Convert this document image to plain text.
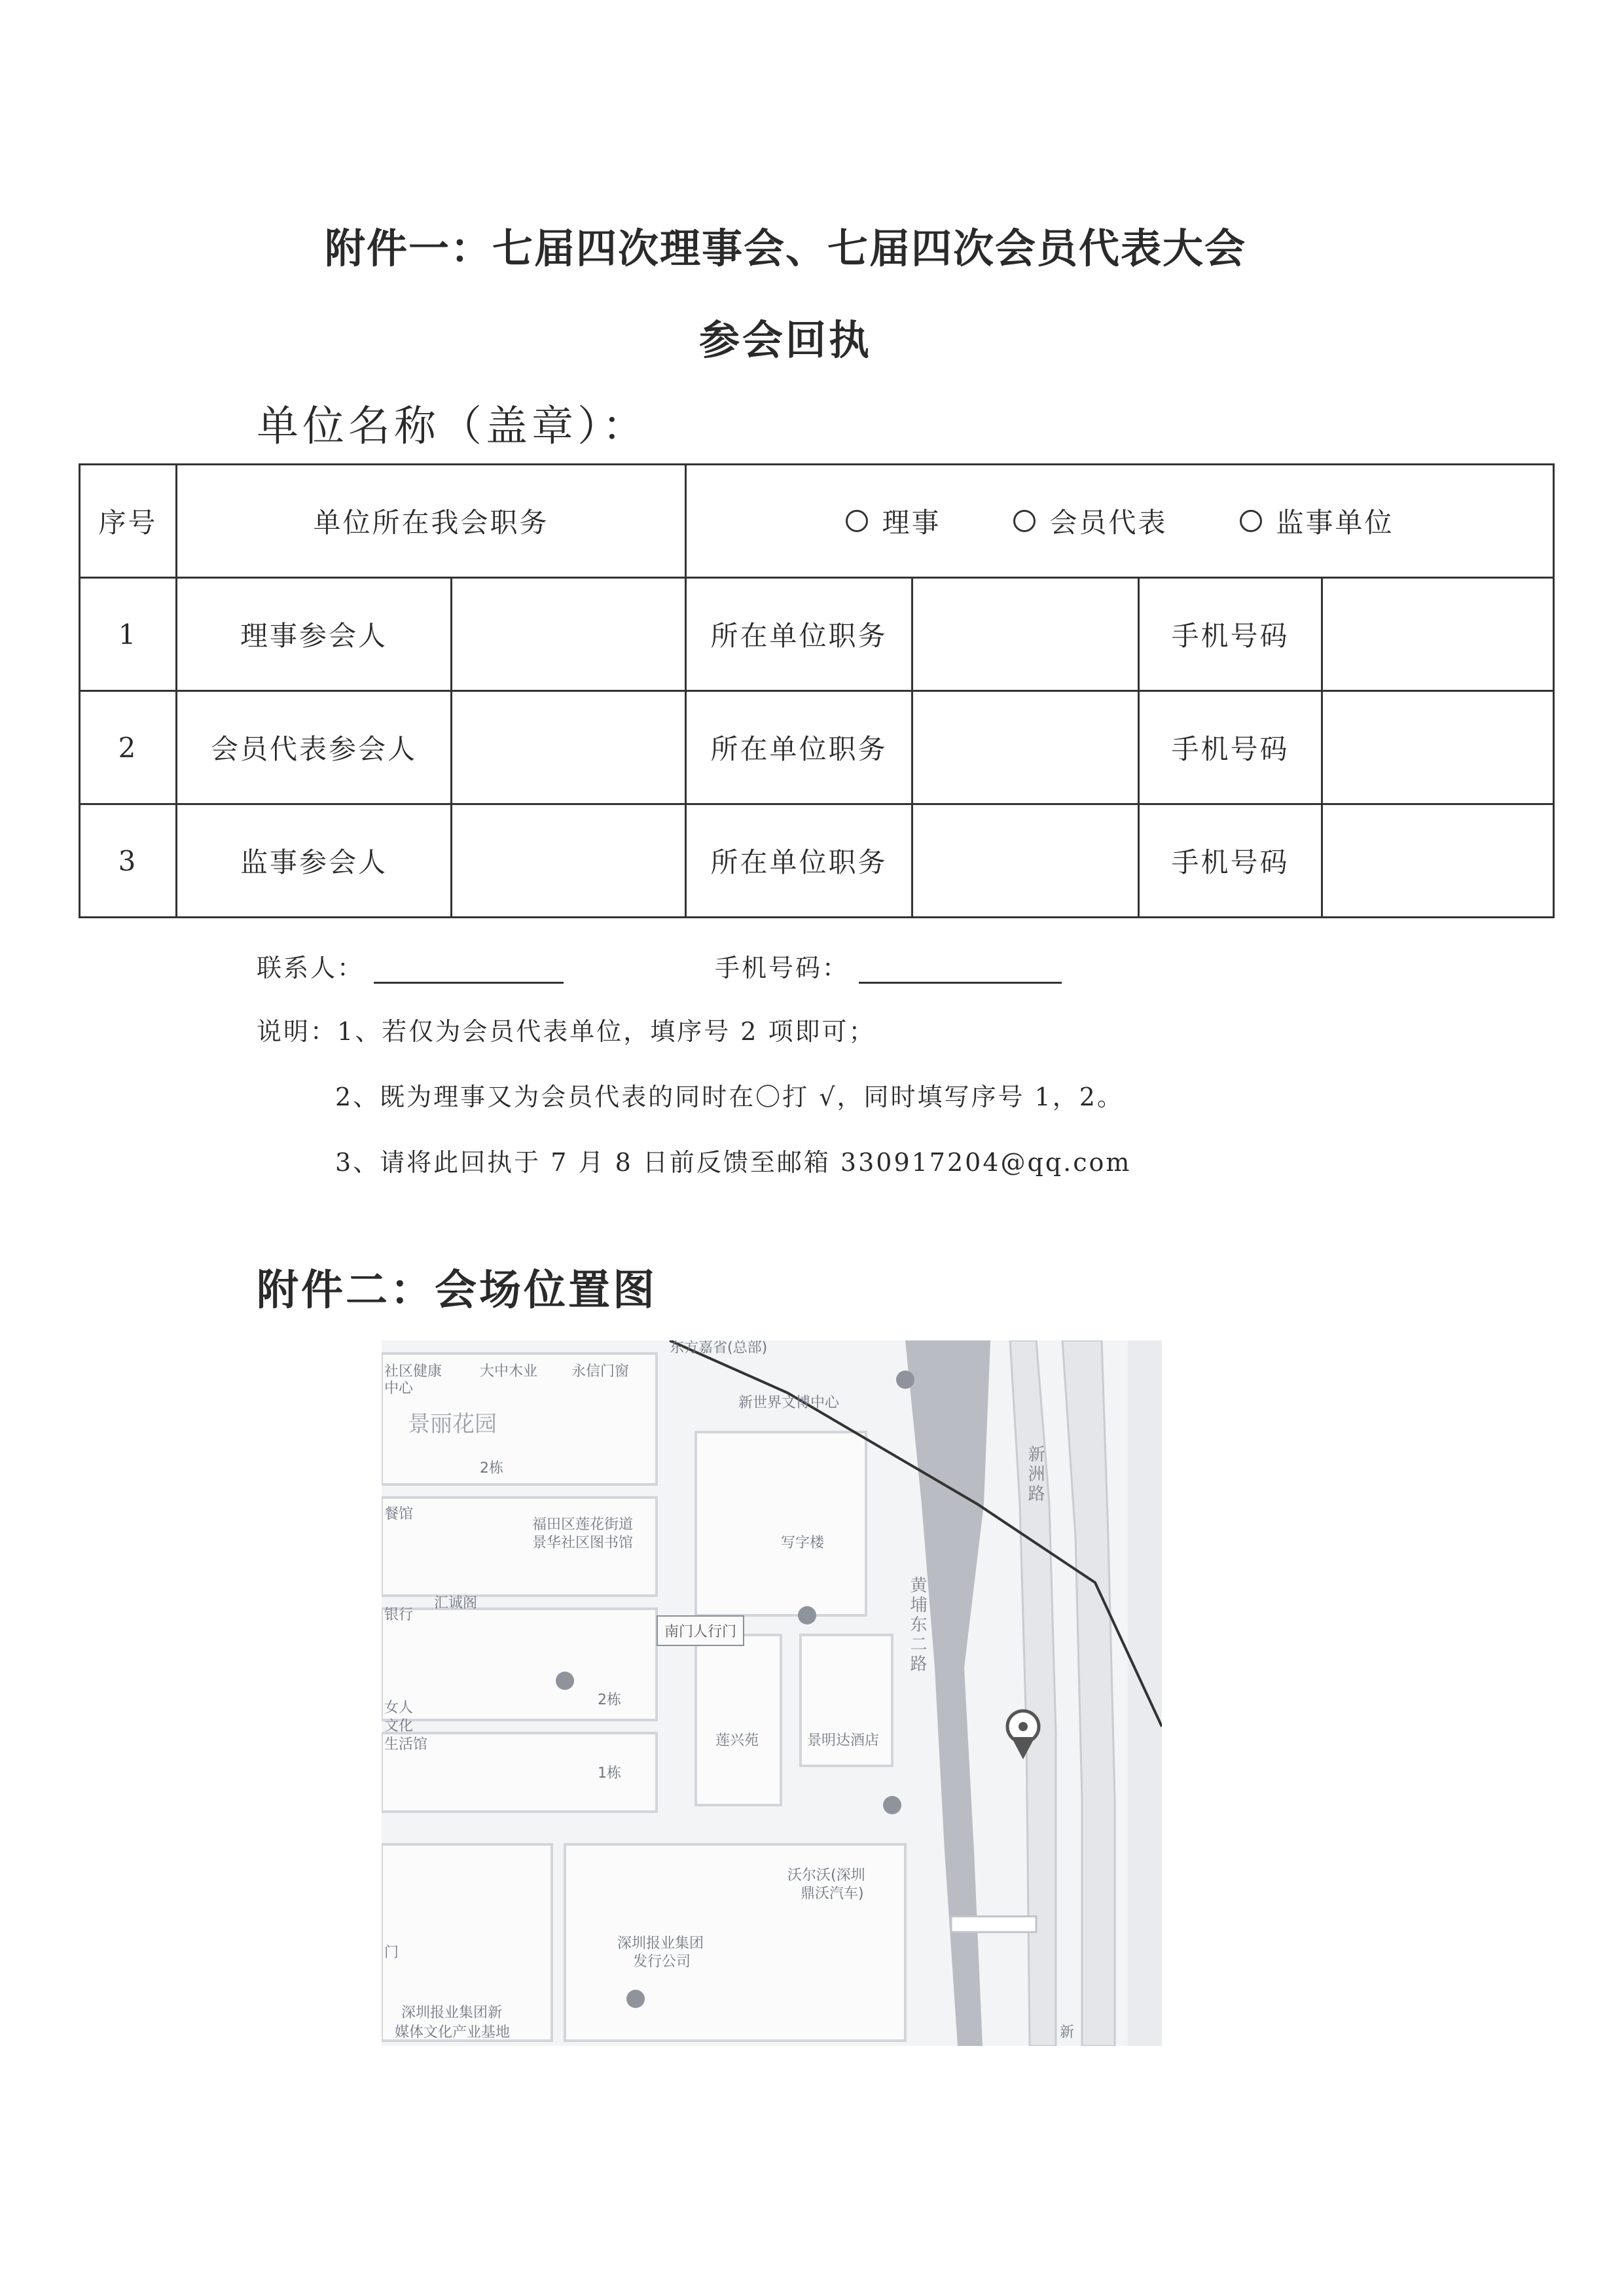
附件一：七届四次理事会、七届四次会员代表大会
参会回执
单位名称（盖章）：
序号	单位所在我会职务		理事 会员代表 监事单位			

1	理事参会人		所在单位职务		手机号码	
2	会员代表参会人		所在单位职务		手机号码	
3	监事参会人		所在单位职务		手机号码	
联系人：	手机号码：
说明：1、若仅为会员代表单位，填序号 2 项即可；
2、既为理事又为会员代表的同时在〇打 √，同时填写序号 1，2。
3、请将此回执于 7 月 8 日前反馈至邮箱 330917204@qq.com
附件二：会场位置图
东方嘉省(总部)
社区健康
中心
大中木业 永信门窗
新世界文博中心
景丽花园
2栋
餐馆
福田区莲花街道
景华社区图书馆	写字楼
新洲路
汇诚阁
银行
南门人行门	黄埔东二路
女人
文化
生活馆
2栋
莲兴苑	景明达酒店
1栋
沃尔沃(深圳
鼎沃汽车)
深圳报业集团
发行公司
深圳报业集团新
媒体文化产业基地
门
新
